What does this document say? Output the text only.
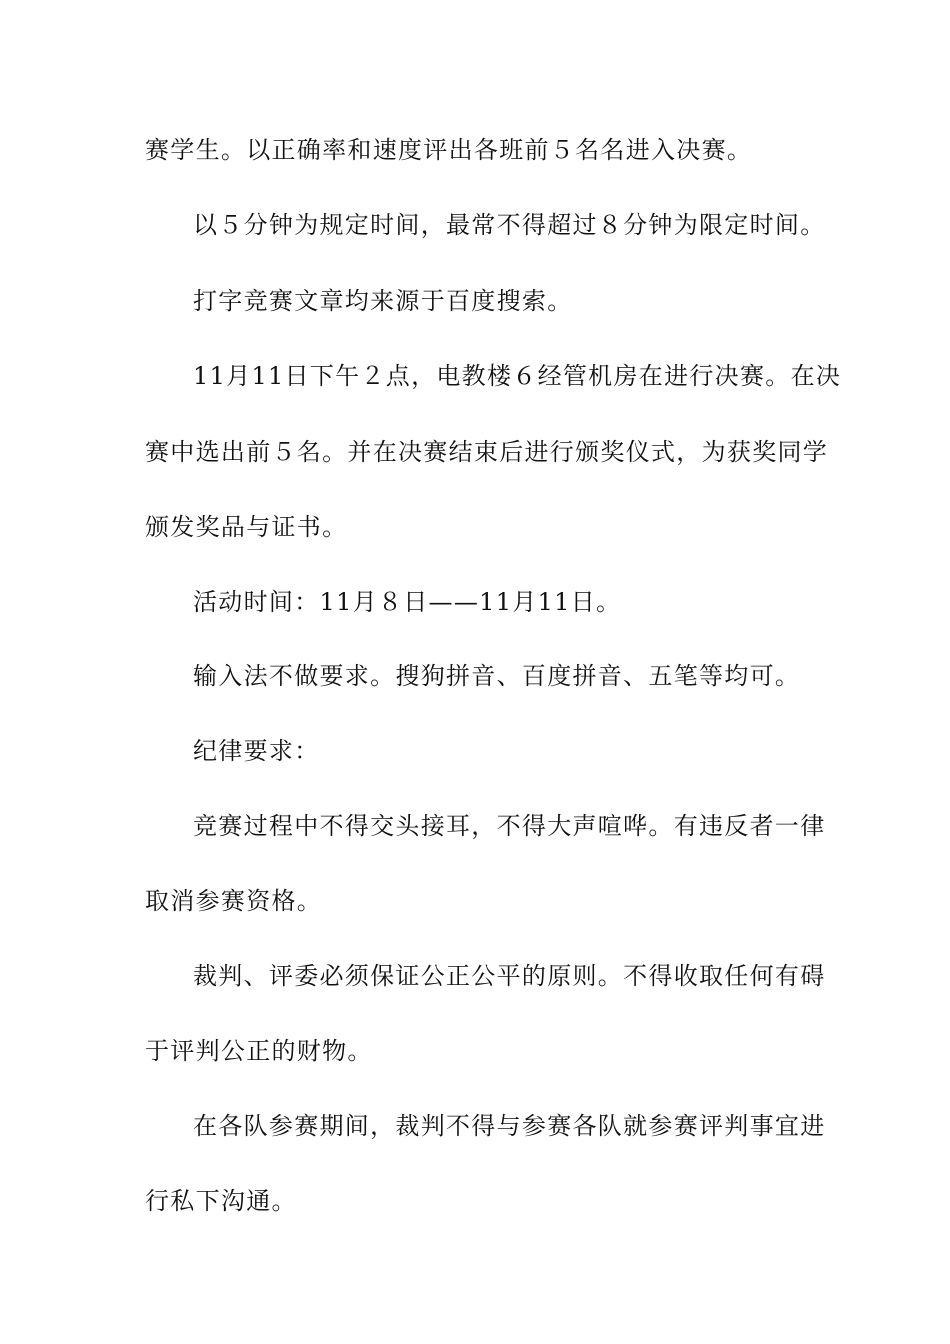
赛学生。以正确率和速度评出各班前５名名进入决赛。

以５分钟为规定时间，最常不得超过８分钟为限定时间。

打字竞赛文章均来源于百度搜索。

11月11日下午２点，电教楼６经管机房在进行决赛。在决

赛中选出前５名。并在决赛结束后进行颁奖仪式，为获奖同学

颁发奖品与证书。

活动时间：11月８日——11月11日。

输入法不做要求。搜狗拼音、百度拼音、五笔等均可。

纪律要求：

竞赛过程中不得交头接耳，不得大声喧哗。有违反者一律

取消参赛资格。

裁判、评委必须保证公正公平的原则。不得收取任何有碍

于评判公正的财物。

在各队参赛期间，裁判不得与参赛各队就参赛评判事宜进

行私下沟通。
